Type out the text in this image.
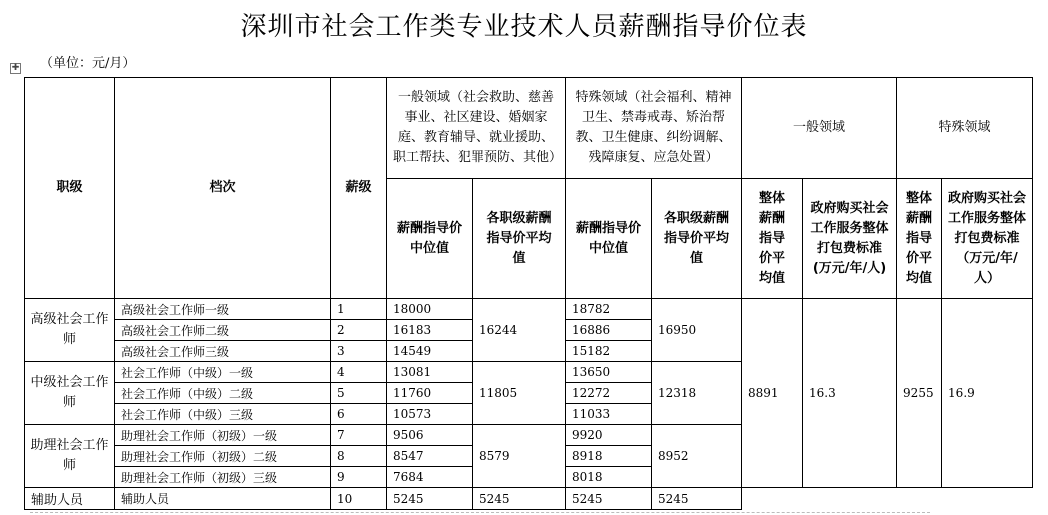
深圳市社会工作类专业技术人员薪酬指导价位表
（单位：元/月）
✚
职级	档次	薪级	一般领域（社会救助、慈善事业、社区建设、婚姻家庭、教育辅导、就业援助、职工帮扶、犯罪预防、其他）		特殊领域（社会福利、精神卫生、禁毒戒毒、矫治帮教、卫生健康、纠纷调解、残障康复、应急处置）		一般领域		特殊领域	
			薪酬指导价中位值	各职级薪酬指导价平均值	薪酬指导价中位值	各职级薪酬指导价平均值	整体薪酬指导价平均值	政府购买社会工作服务整体打包费标准(万元/年/人)	整体薪酬指导价平均值	政府购买社会工作服务整体打包费标准（万元/年/人）
高级社会工作师	高级社会工作师一级	1	18000	16244	18782	16950	8891	16.3	9255	16.9
	高级社会工作师二级	2	16183		16886					
	高级社会工作师三级	3	14549		15182					
中级社会工作师	社会工作师（中级）一级	4	13081	11805	13650	12318				
	社会工作师（中级）二级	5	11760		12272					
	社会工作师（中级）三级	6	10573		11033					
助理社会工作师	助理社会工作师（初级）一级	7	9506	8579	9920	8952				
	助理社会工作师（初级）二级	8	8547		8918					
	助理社会工作师（初级）三级	9	7684		8018					
辅助人员	辅助人员	10	5245	5245	5245	5245				
